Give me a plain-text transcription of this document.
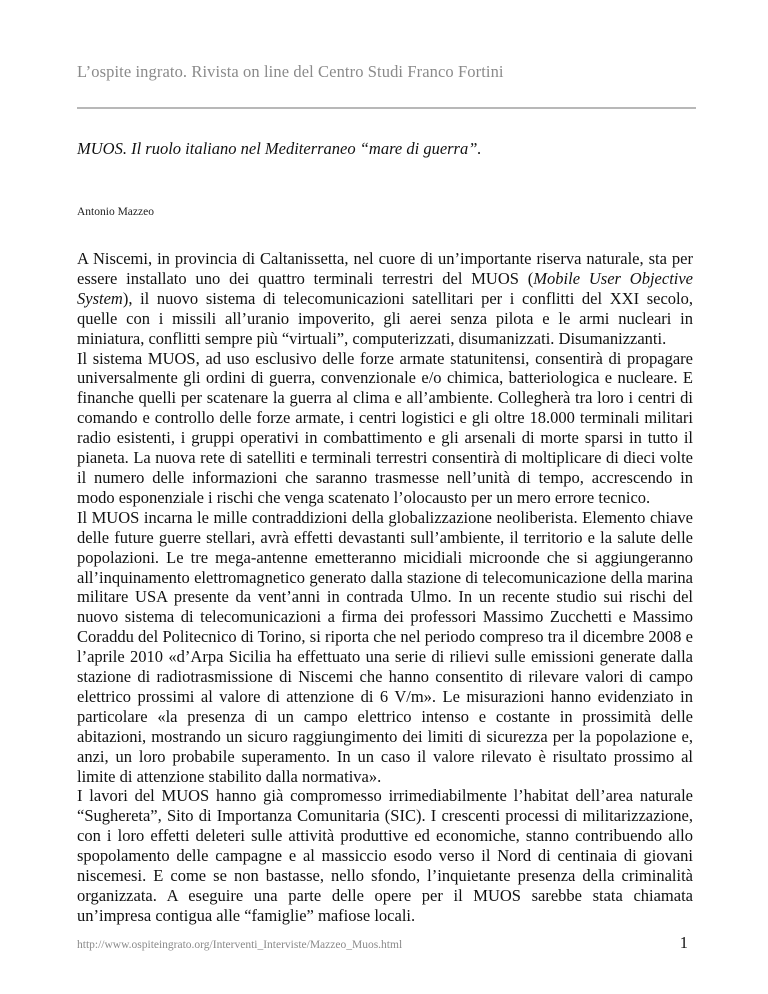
L’ospite ingrato. Rivista on line del Centro Studi Franco Fortini
MUOS. Il ruolo italiano nel Mediterraneo “mare di guerra”.
Antonio Mazzeo

A Niscemi, in provincia di Caltanissetta, nel cuore di un’importante riserva naturale, sta per essere installato uno dei quattro terminali terrestri del MUOS (Mobile User Objective System), il nuovo sistema di telecomunicazioni satellitari per i conflitti del XXI secolo, quelle con i missili all’uranio impoverito, gli aerei senza pilota e le armi nucleari in miniatura, conflitti sempre più “virtuali”, computerizzati, disumanizzati. Disumanizzanti.

Il sistema MUOS, ad uso esclusivo delle forze armate statunitensi, consentirà di propagare universalmente gli ordini di guerra, convenzionale e/o chimica, batteriologica e nucleare. E finanche quelli per scatenare la guerra al clima e all’ambiente. Collegherà tra loro i centri di comando e controllo delle forze armate, i centri logistici e gli oltre 18.000 terminali militari radio esistenti, i gruppi operativi in combattimento e gli arsenali di morte sparsi in tutto il pianeta. La nuova rete di satelliti e terminali terrestri consentirà di moltiplicare di dieci volte il numero delle informazioni che saranno trasmesse nell’unità di tempo, accrescendo in modo esponenziale i rischi che venga scatenato l’olocausto per un mero errore tecnico.

Il MUOS incarna le mille contraddizioni della globalizzazione neoliberista. Elemento chiave delle future guerre stellari, avrà effetti devastanti sull’ambiente, il territorio e la salute delle popolazioni. Le tre mega-antenne emetteranno micidiali microonde che si aggiungeranno all’inquinamento elettromagnetico generato dalla stazione di telecomunicazione della marina militare USA presente da vent’anni in contrada Ulmo. In un recente studio sui rischi del nuovo sistema di telecomunicazioni a firma dei professori Massimo Zucchetti e Massimo Coraddu del Politecnico di Torino, si riporta che nel periodo compreso tra il dicembre 2008 e l’aprile 2010 «d’Arpa Sicilia ha effettuato una serie di rilievi sulle emissioni generate dalla stazione di radiotrasmissione di Niscemi che hanno consentito di rilevare valori di campo elettrico prossimi al valore di attenzione di 6 V/m». Le misurazioni hanno evidenziato in particolare «la presenza di un campo elettrico intenso e costante in prossimità delle abitazioni, mostrando un sicuro raggiungimento dei limiti di sicurezza per la popolazione e, anzi, un loro probabile superamento. In un caso il valore rilevato è risultato prossimo al limite di attenzione stabilito dalla normativa».

I lavori del MUOS hanno già compromesso irrimediabilmente l’habitat dell’area naturale “Sughereta”, Sito di Importanza Comunitaria (SIC). I crescenti processi di militarizzazione, con i loro effetti deleteri sulle attività produttive ed economiche, stanno contribuendo allo spopolamento delle campagne e al massiccio esodo verso il Nord di centinaia di giovani niscemesi. E come se non bastasse, nello sfondo, l’inquietante presenza della criminalità organizzata. A eseguire una parte delle opere per il MUOS sarebbe stata chiamata un’impresa contigua alle “famiglie” mafiose locali.

http://www.ospiteingrato.org/Interventi_Interviste/Mazzeo_Muos.html	1
